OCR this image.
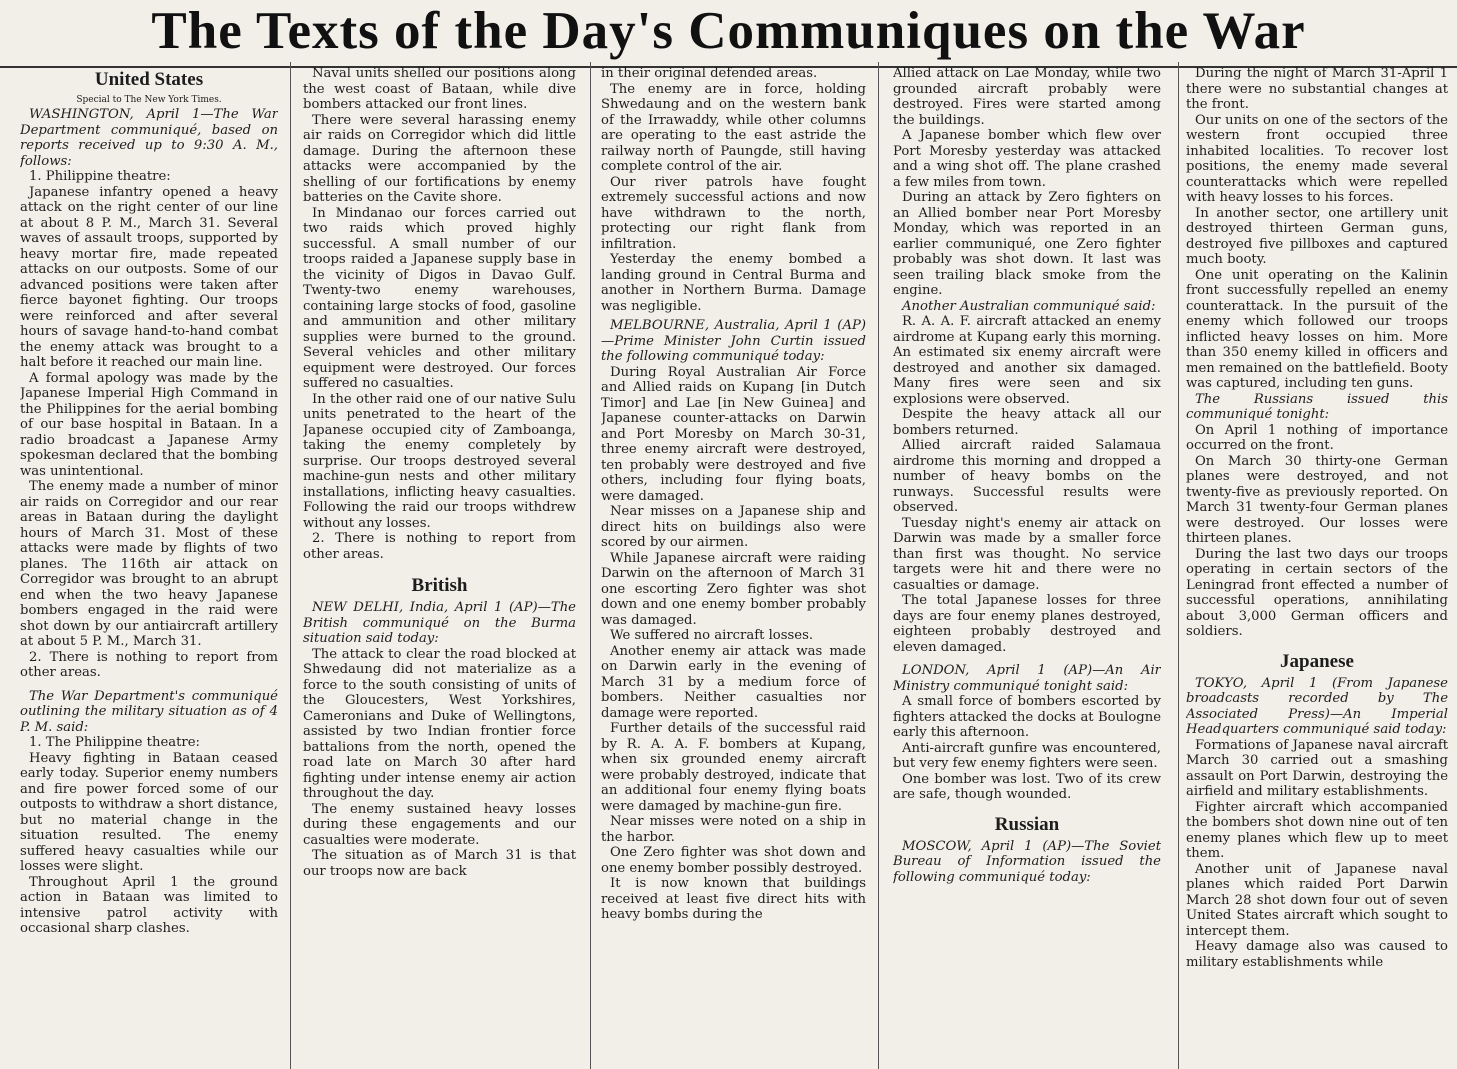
The Texts of the Day's Communiques on the War
United States

Special to The New York Times.

WASHINGTON, April 1—The War Department communiqué, based on reports received up to 9:30 A. M., follows:

1. Philippine theatre:

Japanese infantry opened a heavy attack on the right center of our line at about 8 P. M., March 31. Several waves of assault troops, supported by heavy mortar fire, made repeated attacks on our outposts. Some of our advanced positions were taken after fierce bayonet fighting. Our troops were reinforced and after several hours of savage hand-to-hand combat the enemy attack was brought to a halt before it reached our main line.

A formal apology was made by the Japanese Imperial High Command in the Philippines for the aerial bombing of our base hospital in Bataan. In a radio broadcast a Japanese Army spokesman declared that the bombing was unintentional.

The enemy made a number of minor air raids on Corregidor and our rear areas in Bataan during the daylight hours of March 31. Most of these attacks were made by flights of two planes. The 116th air attack on Corregidor was brought to an abrupt end when the two heavy Japanese bombers engaged in the raid were shot down by our antiaircraft artillery at about 5 P. M., March 31.

2. There is nothing to report from other areas.

The War Department's communiqué outlining the military situation as of 4 P. M. said:

1. The Philippine theatre:

Heavy fighting in Bataan ceased early today. Superior enemy numbers and fire power forced some of our outposts to withdraw a short distance, but no material change in the situation resulted. The enemy suffered heavy casualties while our losses were slight.

Throughout April 1 the ground action in Bataan was limited to intensive patrol activity with occasional sharp clashes.

Naval units shelled our positions along the west coast of Bataan, while dive bombers attacked our front lines.

There were several harassing enemy air raids on Corregidor which did little damage. During the afternoon these attacks were accompanied by the shelling of our fortifications by enemy batteries on the Cavite shore.

In Mindanao our forces carried out two raids which proved highly successful. A small number of our troops raided a Japanese supply base in the vicinity of Digos in Davao Gulf. Twenty-two enemy warehouses, containing large stocks of food, gasoline and ammunition and other military supplies were burned to the ground. Several vehicles and other military equipment were destroyed. Our forces suffered no casualties.

In the other raid one of our native Sulu units penetrated to the heart of the Japanese occupied city of Zamboanga, taking the enemy completely by surprise. Our troops destroyed several machine-gun nests and other military installations, inflicting heavy casualties. Following the raid our troops withdrew without any losses.

2. There is nothing to report from other areas.

British

NEW DELHI, India, April 1 (AP)—The British communiqué on the Burma situation said today:

The attack to clear the road blocked at Shwedaung did not materialize as a force to the south consisting of units of the Gloucesters, West Yorkshires, Cameronians and Duke of Wellingtons, assisted by two Indian frontier force battalions from the north, opened the road late on March 30 after hard fighting under intense enemy air action throughout the day.

The enemy sustained heavy losses during these engagements and our casualties were moderate.

The situation as of March 31 is that our troops now are back

in their original defended areas.

The enemy are in force, holding Shwedaung and on the western bank of the Irrawaddy, while other columns are operating to the east astride the railway north of Paungde, still having complete control of the air.

Our river patrols have fought extremely successful actions and now have withdrawn to the north, protecting our right flank from infiltration.

Yesterday the enemy bombed a landing ground in Central Burma and another in Northern Burma. Damage was negligible.

MELBOURNE, Australia, April 1 (AP)—Prime Minister John Curtin issued the following communiqué today:

During Royal Australian Air Force and Allied raids on Kupang [in Dutch Timor] and Lae [in New Guinea] and Japanese counter-attacks on Darwin and Port Moresby on March 30-31, three enemy aircraft were destroyed, ten probably were destroyed and five others, including four flying boats, were damaged.

Near misses on a Japanese ship and direct hits on buildings also were scored by our airmen.

While Japanese aircraft were raiding Darwin on the afternoon of March 31 one escorting Zero fighter was shot down and one enemy bomber probably was damaged.

We suffered no aircraft losses.

Another enemy air attack was made on Darwin early in the evening of March 31 by a medium force of bombers. Neither casualties nor damage were reported.

Further details of the successful raid by R. A. A. F. bombers at Kupang, when six grounded enemy aircraft were probably destroyed, indicate that an additional four enemy flying boats were damaged by machine-gun fire.

Near misses were noted on a ship in the harbor.

One Zero fighter was shot down and one enemy bomber possibly destroyed.

It is now known that buildings received at least five direct hits with heavy bombs during the

Allied attack on Lae Monday, while two grounded aircraft probably were destroyed. Fires were started among the buildings.

A Japanese bomber which flew over Port Moresby yesterday was attacked and a wing shot off. The plane crashed a few miles from town.

During an attack by Zero fighters on an Allied bomber near Port Moresby Monday, which was reported in an earlier communiqué, one Zero fighter probably was shot down. It last was seen trailing black smoke from the engine.

Another Australian communiqué said:

R. A. A. F. aircraft attacked an enemy airdrome at Kupang early this morning. An estimated six enemy aircraft were destroyed and another six damaged. Many fires were seen and six explosions were observed.

Despite the heavy attack all our bombers returned.

Allied aircraft raided Salamaua airdrome this morning and dropped a number of heavy bombs on the runways. Successful results were observed.

Tuesday night's enemy air attack on Darwin was made by a smaller force than first was thought. No service targets were hit and there were no casualties or damage.

The total Japanese losses for three days are four enemy planes destroyed, eighteen probably destroyed and eleven damaged.

LONDON, April 1 (AP)—An Air Ministry communiqué tonight said:

A small force of bombers escorted by fighters attacked the docks at Boulogne early this afternoon.

Anti-aircraft gunfire was encountered, but very few enemy fighters were seen.

One bomber was lost. Two of its crew are safe, though wounded.

Russian

MOSCOW, April 1 (AP)—The Soviet Bureau of Information issued the following communiqué today:

During the night of March 31-April 1 there were no substantial changes at the front.

Our units on one of the sectors of the western front occupied three inhabited localities. To recover lost positions, the enemy made several counterattacks which were repelled with heavy losses to his forces.

In another sector, one artillery unit destroyed thirteen German guns, destroyed five pillboxes and captured much booty.

One unit operating on the Kalinin front successfully repelled an enemy counterattack. In the pursuit of the enemy which followed our troops inflicted heavy losses on him. More than 350 enemy killed in officers and men remained on the battlefield. Booty was captured, including ten guns.

The Russians issued this communiqué tonight:

On April 1 nothing of importance occurred on the front.

On March 30 thirty-one German planes were destroyed, and not twenty-five as previously reported. On March 31 twenty-four German planes were destroyed. Our losses were thirteen planes.

During the last two days our troops operating in certain sectors of the Leningrad front effected a number of successful operations, annihilating about 3,000 German officers and soldiers.

Japanese

TOKYO, April 1 (From Japanese broadcasts recorded by The Associated Press)—An Imperial Headquarters communiqué said today:

Formations of Japanese naval aircraft March 30 carried out a smashing assault on Port Darwin, destroying the airfield and military establishments.

Fighter aircraft which accompanied the bombers shot down nine out of ten enemy planes which flew up to meet them.

Another unit of Japanese naval planes which raided Port Darwin March 28 shot down four out of seven United States aircraft which sought to intercept them.

Heavy damage also was caused to military establishments while
